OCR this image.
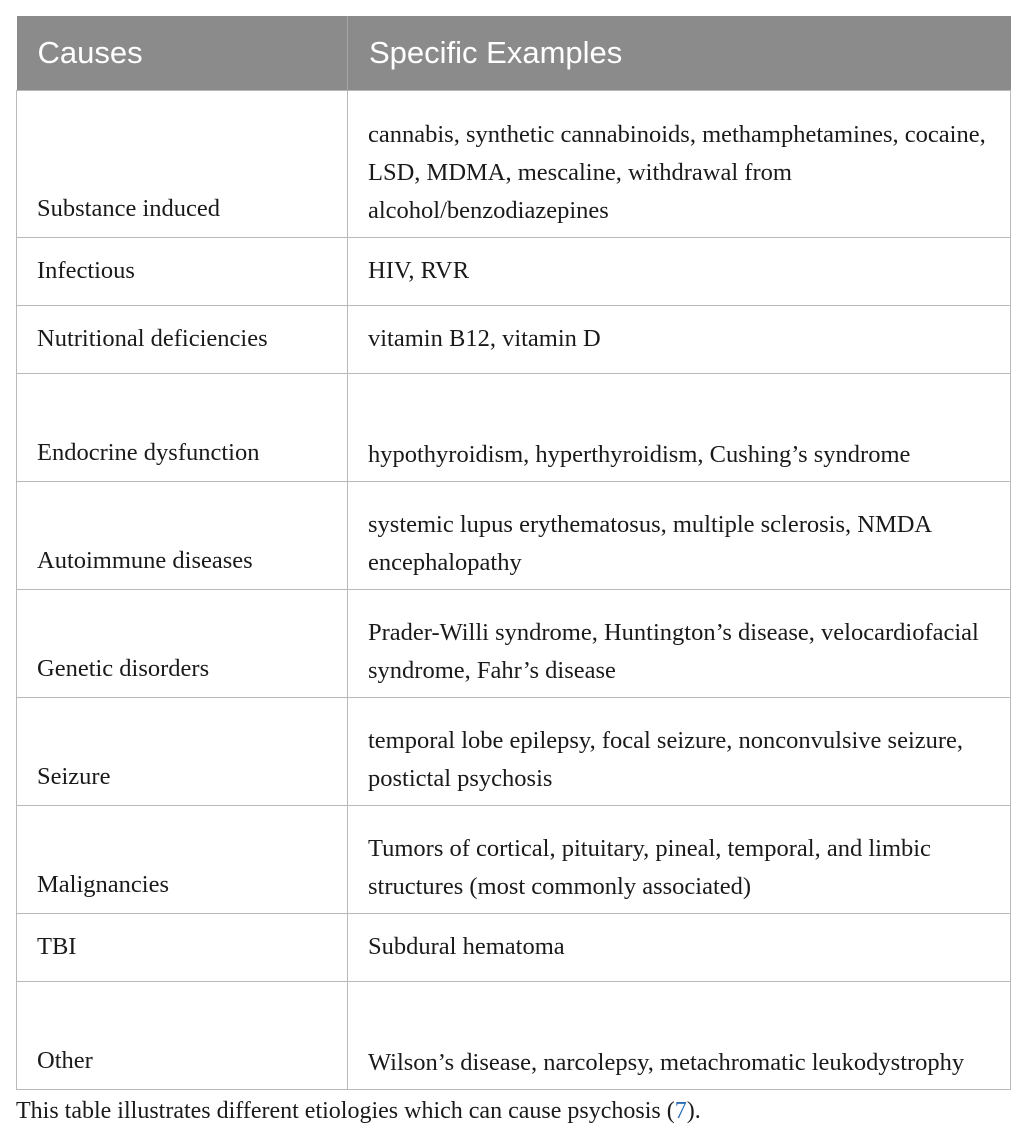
Causes	Specific Examples
Substance induced	cannabis, synthetic cannabinoids, methamphetamines, cocaine, LSD, MDMA, mescaline, withdrawal from alcohol/benzodiazepines
Infectious	HIV, RVR
Nutritional deficiencies	vitamin B12, vitamin D
Endocrine dysfunction	hypothyroidism, hyperthyroidism, Cushing’s syndrome
Autoimmune diseases	systemic lupus erythematosus, multiple sclerosis, NMDA encephalopathy
Genetic disorders	Prader-Willi syndrome, Huntington’s disease, velocardiofacial syndrome, Fahr’s disease
Seizure	temporal lobe epilepsy, focal seizure, nonconvulsive seizure, postictal psychosis
Malignancies	Tumors of cortical, pituitary, pineal, temporal, and limbic structures (most commonly associated)
TBI	Subdural hematoma
Other	Wilson’s disease, narcolepsy, metachromatic leukodystrophy
This table illustrates different etiologies which can cause psychosis (7).
